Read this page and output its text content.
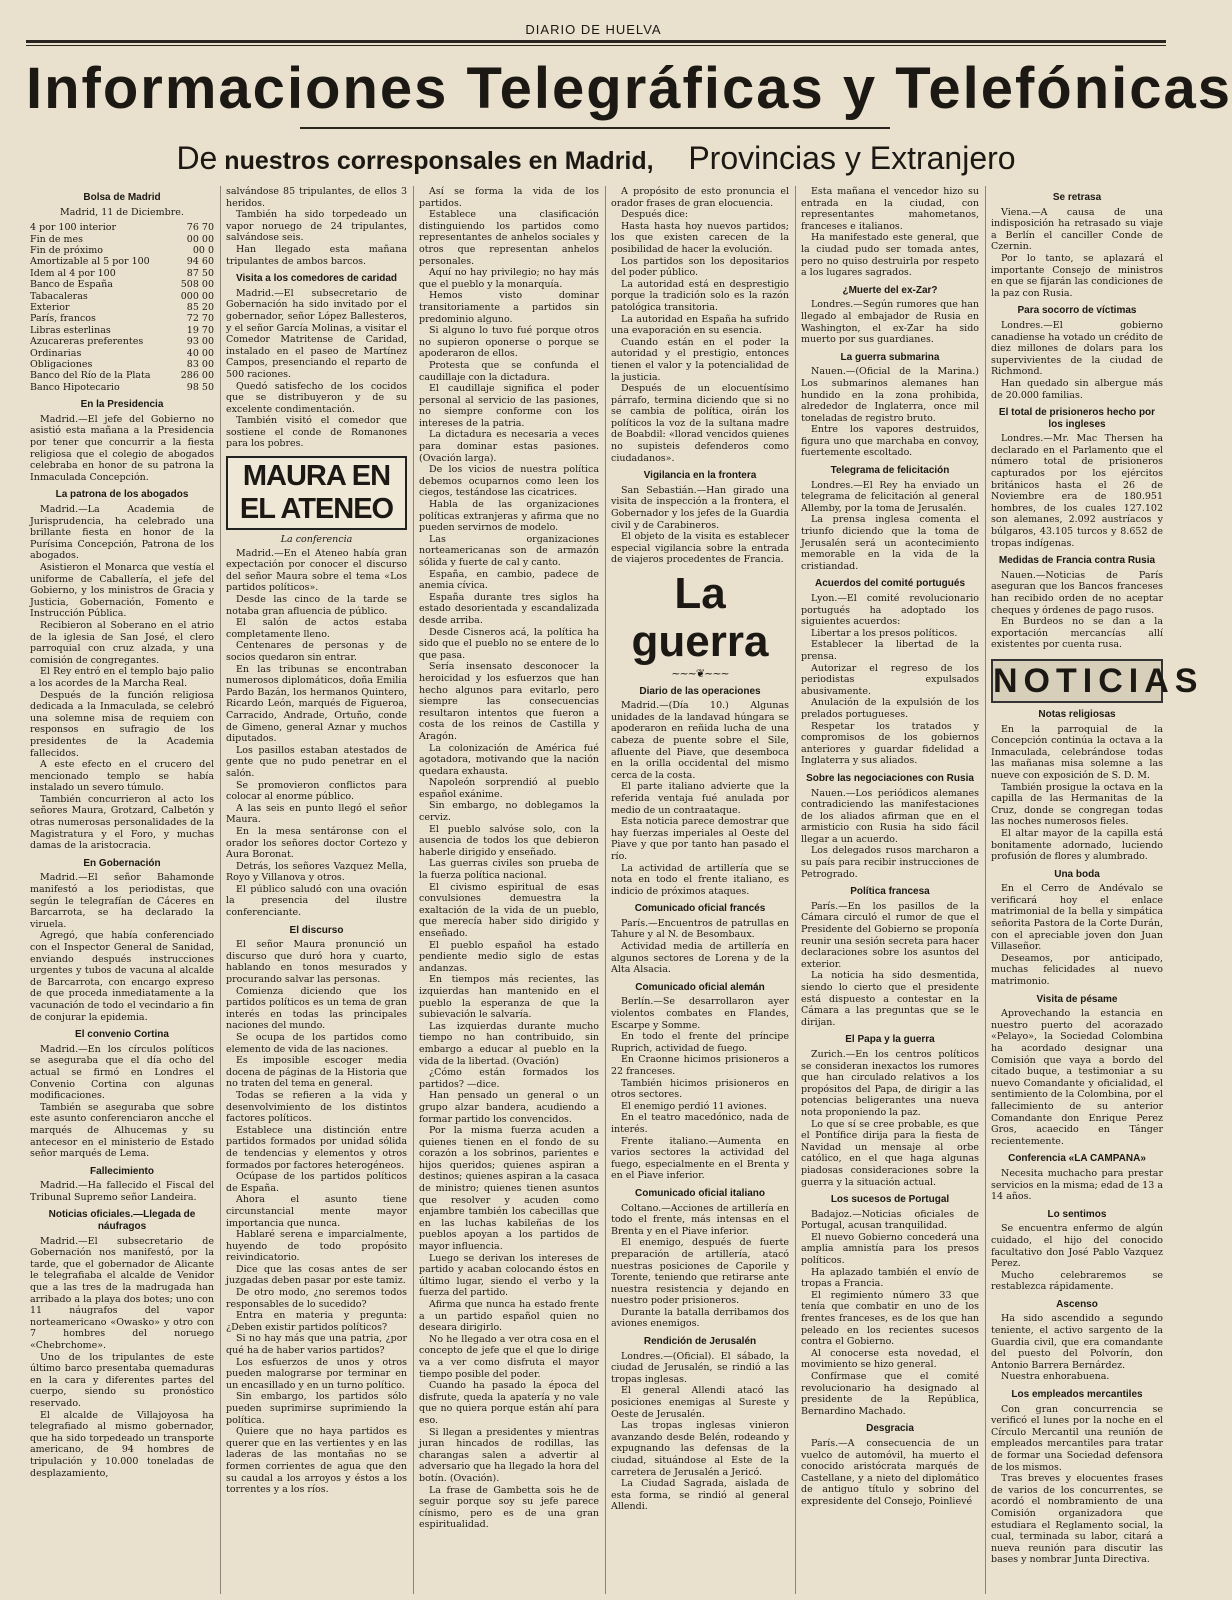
DIARIO DE HUELVA
Informaciones Telegráficas y Telefónicas
De nuestros corresponsales en Madrid, Provincias y Extranjero
Bolsa de Madrid

Madrid, 11 de Diciembre.

4 por 100 interior	76 70
Fin de mes	00 00
Fin de próximo	00 0
Amortizable al 5 por 100	94 60
Idem al 4 por 100	87 50
Banco de España	508 00
Tabacaleras	000 00
Exterior	85 20
París, francos	72 70
Libras esterlinas	19 70
Azucareras preferentes	93 00
Ordinarias	40 00
Obligaciones	83 00
Banco del Río de la Plata	286 00
Banco Hipotecario	98 50
En la Presidencia

Madrid.—El jefe del Gobierno no asistió esta mañana a la Presidencia por tener que concurrir a la fiesta religiosa que el colegio de abogados celebraba en honor de su patrona la Inmaculada Concepción.

La patrona de los abogados

Madrid.—La Academia de Jurisprudencia, ha celebrado una brillante fiesta en honor de la Purísima Concepción, Patrona de los abogados.

Asistieron el Monarca que vestía el uniforme de Caballería, el jefe del Gobierno, y los ministros de Gracia y Justicia, Gobernación, Fomento e Instrucción Pública.

Recibieron al Soberano en el atrio de la iglesia de San José, el clero parroquial con cruz alzada, y una comisión de congregantes.

El Rey entró en el templo bajo palio a los acordes de la Marcha Real.

Después de la función religiosa dedicada a la Inmaculada, se celebró una solemne misa de requiem con responsos en sufragio de los presidentes de la Academia fallecidos.

A este efecto en el crucero del mencionado templo se había instalado un severo túmulo.

También concurrieron al acto los señores Maura, Grotzard, Calbetón y otras numerosas personalidades de la Magistratura y el Foro, y muchas damas de la aristocracia.

En Gobernación

Madrid.—El señor Bahamonde manifestó a los periodistas, que según le telegrafían de Cáceres en Barcarrota, se ha declarado la viruela.

Agregó, que había conferenciado con el Inspector General de Sanidad, enviando después instrucciones urgentes y tubos de vacuna al alcalde de Barcarrota, con encargo expreso de que proceda inmediatamente a la vacunación de todo el vecindario a fin de conjurar la epidemia.

El convenio Cortina

Madrid.—En los círculos políticos se aseguraba que el día ocho del actual se firmó en Londres el Convenio Cortina con algunas modificaciones.

También se aseguraba que sobre este asunto conferenciaron ancche el marqués de Alhucemas y su antecesor en el ministerio de Estado señor marqués de Lema.

Fallecimiento

Madrid.—Ha fallecido el Fiscal del Tribunal Supremo señor Landeira.

Noticias oficiales.—Llegada de náufragos

Madrid.—El subsecretario de Gobernación nos manifestó, por la tarde, que el gobernador de Alicante le telegrafiaba el alcalde de Venidor que a las tres de la madrugada han arribado a la playa dos botes; uno con 11 náugrafos del vapor norteamericano «Owasko» y otro con 7 hombres del noruego «Chebrchome».

Uno de los tripulantes de este último barco presentaba quemaduras en la cara y diferentes partes del cuerpo, siendo su pronóstico reservado.

El alcalde de Villajoyosa ha telegrafiado al mismo gobernador, que ha sido torpedeado un transporte americano, de 94 hombres de tripulación y 10.000 toneladas de desplazamiento,

salvándose 85 tripulantes, de ellos 3 heridos.

También ha sido torpedeado un vapor noruego de 24 tripulantes, salvándose seis.

Han llegado esta mañana tripulantes de ambos barcos.

Visita a los comedores de caridad

Madrid.—El subsecretario de Gobernación ha sido invitado por el gobernador, señor López Ballesteros, y el señor García Molinas, a visitar el Comedor Matritense de Caridad, instalado en el paseo de Martínez Campos, presenciando el reparto de 500 raciones.

Quedó satisfecho de los cocidos que se distribuyeron y de su excelente condimentación.

También visitó el comedor que sostiene el conde de Romanones para los pobres.

MAURA EN EL ATENEO

La conferencia

Madrid.—En el Ateneo había gran expectación por conocer el discurso del señor Maura sobre el tema «Los partidos políticos».

Desde las cinco de la tarde se notaba gran afluencia de público.

El salón de actos estaba completamente lleno.

Centenares de personas y de socios quedaron sin entrar.

En las tribunas se encontraban numerosos diplomáticos, doña Emilia Pardo Bazán, los hermanos Quintero, Ricardo León, marqués de Figueroa, Carracido, Andrade, Ortuño, conde de Gimeno, general Aznar y muchos diputados.

Los pasillos estaban atestados de gente que no pudo penetrar en el salón.

Se promovieron conflictos para colocar al enorme público.

A las seis en punto llegó el señor Maura.

En la mesa sentáronse con el orador los señores doctor Cortezo y Aura Boronat.

Detrás, los señores Vazquez Mella, Royo y Villanova y otros.

El público saludó con una ovación la presencia del ilustre conferenciante.

El discurso

El señor Maura pronunció un discurso que duró hora y cuarto, hablando en tonos mesurados y procurando salvar las personas.

Comienza diciendo que los partidos políticos es un tema de gran interés en todas las principales naciones del mundo.

Se ocupa de los partidos como elemento de vida de las naciones.

Es imposible escoger media docena de páginas de la Historia que no traten del tema en general.

Todas se refieren a la vida y desenvolvimiento de los distintos factores políticos.

Establece una distinción entre partidos formados por unidad sólida de tendencias y elementos y otros formados por factores heterogéneos.

Ocúpase de los partidos políticos de España.

Ahora el asunto tiene circunstancial mente mayor importancia que nunca.

Hablaré serena e imparcialmente, huyendo de todo propósito reivindicatorio.

Dice que las cosas antes de ser juzgadas deben pasar por este tamiz.

De otro modo, ¿no seremos todos responsables de lo sucedido?

Entra en materia y pregunta: ¿Deben existir partidos políticos?

Si no hay más que una patria, ¿por qué ha de haber varios partidos?

Los esfuerzos de unos y otros pueden malograrse por terminar en un encasillado y en un turno político.

Sin embargo, los partidos sólo pueden suprimirse suprimiendo la política.

Quiere que no haya partidos es querer que en las vertientes y en las laderas de las montañas no se formen corrientes de agua que den su caudal a los arroyos y éstos a los torrentes y a los ríos.

Así se forma la vida de los partidos.

Establece una clasificación distinguiendo los partidos como representantes de anhelos sociales y otros que representan anhelos personales.

Aquí no hay privilegio; no hay más que el pueblo y la monarquía.

Hemos visto dominar transitoriamente a partidos sin predominio alguno.

Si alguno lo tuvo fué porque otros no supieron oponerse o porque se apoderaron de ellos.

Protesta que se confunda el caudillaje con la dictadura.

El caudillaje significa el poder personal al servicio de las pasiones, no siempre conforme con los intereses de la patria.

La dictadura es necesaria a veces para dominar estas pasiones. (Ovación larga).

De los vicios de nuestra política debemos ocuparnos como leen los ciegos, testándose las cicatrices.

Habla de las organizaciones políticas extranjeras y afirma que no pueden servirnos de modelo.

Las organizaciones norteamericanas son de armazón sólida y fuerte de cal y canto.

España, en cambio, padece de anemia cívica.

España durante tres siglos ha estado desorientada y escandalizada desde arriba.

Desde Cisneros acá, la política ha sido que el pueblo no se entere de lo que pasa.

Sería insensato desconocer la heroicidad y los esfuerzos que han hecho algunos para evitarlo, pero siempre las consecuencias resultaron intentos que fueron a costa de los reinos de Castilla y Aragón.

La colonización de América fué agotadora, motivando que la nación quedara exhausta.

Napoleón sorprendió al pueblo español exánime.

Sin embargo, no doblegamos la cerviz.

El pueblo salvóse solo, con la ausencia de todos los que debieron haberle dirigido y enseñado.

Las guerras civiles son prueba de la fuerza política nacional.

El civismo espiritual de esas convulsiones demuestra la exaltación de la vida de un pueblo, que merecía haber sido dirigido y enseñado.

El pueblo español ha estado pendiente medio siglo de estas andanzas.

En tiempos más recientes, las izquierdas han mantenido en el pueblo la esperanza de que la subievación le salvaría.

Las izquierdas durante mucho tiempo no han contribuido, sin embargo a educar al pueblo en la vida de la libertad. (Ovación)

¿Cómo están formados los partidos? —dice.

Han pensado un general o un grupo alzar bandera, acudiendo a formar partido los convencidos.

Por la misma fuerza acuden a quienes tienen en el fondo de su corazón a los sobrinos, parientes e hijos queridos; quienes aspiran a destinos; quienes aspiran a la casaca de ministro; quienes tienen asuntos que resolver y acuden como enjambre también los cabecillas que en las luchas kabileñas de los pueblos apoyan a los partidos de mayor influencia.

Luego se derivan los intereses de partido y acaban colocando éstos en último lugar, siendo el verbo y la fuerza del partido.

Afirma que nunca ha estado frente a un partido español quien no deseara dirigirlo.

No he llegado a ver otra cosa en el concepto de jefe que el que lo dirige va a ver como disfruta el mayor tiempo posible del poder.

Cuando ha pasado la época del disfrute, queda la apatería y no vale que no quiera porque están ahí para eso.

Si llegan a presidentes y mientras juran hincados de rodillas, las charangas salen a advertir al adversario que ha llegado la hora del botín. (Ovación).

La frase de Gambetta sois he de seguir porque soy su jefe parece cínismo, pero es de una gran espiritualidad.

A propósito de esto pronuncia el orador frases de gran elocuencia.

Después dice:

Hasta hasta hoy nuevos partidos; los que existen carecen de la posibilidad de hacer la evolución.

Los partidos son los depositarios del poder público.

La autoridad está en desprestigio porque la tradición solo es la razón patológica transitoria.

La autoridad en España ha sufrido una evaporación en su esencia.

Cuando están en el poder la autoridad y el prestigio, entonces tienen el valor y la potencialidad de la justicia.

Después de un elocuentísimo párrafo, termina diciendo que si no se cambia de política, oirán los políticos la voz de la sultana madre de Boabdil: «llorad vencidos quienes no supisteis defenderos como ciudadanos».

Vigilancia en la frontera

San Sebastián.—Han girado una visita de inspección a la frontera, el Gobernador y los jefes de la Guardia civil y de Carabineros.

El objeto de la visita es establecer especial vigilancia sobre la entrada de viajeros procedentes de Francia.

La guerra
~~~❦~~~
Diario de las operaciones

Madrid.—(Día 10.) Algunas unidades de la landavad húngara se apoderaron en reñida lucha de una cabeza de puente sobre el Sile, afluente del Piave, que desemboca en la orilla occidental del mismo cerca de la costa.

El parte italiano advierte que la referida ventaja fué anulada por medio de un contraataque.

Esta noticia parece demostrar que hay fuerzas imperiales al Oeste del Piave y que por tanto han pasado el río.

La actividad de artillería que se nota en todo el frente italiano, es indicio de próximos ataques.

Comunicado oficial francés

París.—Encuentros de patrullas en Tahure y al N. de Besombaux.

Actividad media de artillería en algunos sectores de Lorena y de la Alta Alsacia.

Comunicado oficial alemán

Berlín.—Se desarrollaron ayer violentos combates en Flandes, Escarpe y Somme.

En todo el frente del príncipe Ruprich, actividad de fuego.

En Craonne hicimos prisioneros a 22 franceses.

También hicimos prisioneros en otros sectores.

El enemigo perdió 11 aviones.

En el teatro macedónico, nada de interés.

Frente italiano.—Aumenta en varios sectores la actividad del fuego, especialmente en el Brenta y en el Piave inferior.

Comunicado oficial italiano

Coltano.—Acciones de artillería en todo el frente, más intensas en el Brenta y en el Piave inferior.

El enemigo, después de fuerte preparación de artillería, atacó nuestras posiciones de Caporile y Torente, teniendo que retirarse ante nuestra resistencia y dejando en nuestro poder prisioneros.

Durante la batalla derribamos dos aviones enemigos.

Rendición de Jerusalén

Londres.—(Oficial). El sábado, la ciudad de Jerusalén, se rindió a las tropas inglesas.

El general Allendi atacó las posiciones enemigas al Sureste y Oeste de Jerusalén.

Las tropas inglesas vinieron avanzando desde Belén, rodeando y expugnando las defensas de la ciudad, situándose al Este de la carretera de Jerusalén a Jericó.

La Ciudad Sagrada, aislada de esta forma, se rindió al general Allendi.

Esta mañana el vencedor hizo su entrada en la ciudad, con representantes mahometanos, franceses e italianos.

Ha manifestado este general, que la ciudad pudo ser tomada antes, pero no quiso destruirla por respeto a los lugares sagrados.

¿Muerte del ex-Zar?

Londres.—Según rumores que han llegado al embajador de Rusia en Washington, el ex-Zar ha sido muerto por sus guardianes.

La guerra submarina

Nauen.—(Oficial de la Marina.) Los submarinos alemanes han hundido en la zona prohibida, alrededor de Inglaterra, once mil toneladas de registro bruto.

Entre los vapores destruidos, figura uno que marchaba en convoy, fuertemente escoltado.

Telegrama de felicitación

Londres.—El Rey ha enviado un telegrama de felicitación al general Allemby, por la toma de Jerusalén.

La prensa inglesa comenta el triunfo diciendo que la toma de Jerusalén será un acontecimiento memorable en la vida de la cristiandad.

Acuerdos del comité portugués

Lyon.—El comité revolucionario portugués ha adoptado los siguientes acuerdos:

Libertar a los presos políticos.

Establecer la libertad de la prensa.

Autorizar el regreso de los periodistas expulsados abusivamente.

Anulación de la expulsión de los prelados portugueses.

Respetar los tratados y compromisos de los gobiernos anteriores y guardar fidelidad a Inglaterra y sus aliados.

Sobre las negociaciones con Rusia

Nauen.—Los periódicos alemanes contradiciendo las manifestaciones de los aliados afirman que en el armisticio con Rusia ha sido fácil llegar a un acuerdo.

Los delegados rusos marcharon a su país para recibir instrucciones de Petrogrado.

Política francesa

París.—En los pasillos de la Cámara circuló el rumor de que el Presidente del Gobierno se proponía reunir una sesión secreta para hacer declaraciones sobre los asuntos del exterior.

La noticia ha sido desmentida, siendo lo cierto que el presidente está dispuesto a contestar en la Cámara a las preguntas que se le dirijan.

El Papa y la guerra

Zurich.—En los centros políticos se consideran inexactos los rumores que han circulado relativos a los propósitos del Papa, de dirigir a las potencias beligerantes una nueva nota proponiendo la paz.

Lo que sí se cree probable, es que el Pontífice dirija para la fiesta de Navidad un mensaje al orbe católico, en el que haga algunas piadosas consideraciones sobre la guerra y la situación actual.

Los sucesos de Portugal

Badajoz.—Noticias oficiales de Portugal, acusan tranquilidad.

El nuevo Gobierno concederá una amplia amnistía para los presos políticos.

Ha aplazado también el envío de tropas a Francia.

El regimiento número 33 que tenía que combatir en uno de los frentes franceses, es de los que han peleado en los recientes sucesos contra el Gobierno.

Al conocerse esta novedad, el movimiento se hizo general.

Confírmase que el comité revolucionario ha designado al presidente de la República, Bernardino Machado.

Desgracia

París.—A consecuencia de un vuelco de automóvil, ha muerto el conocido aristócrata marqués de Castellane, y a nieto del diplomático de antiguo título y sobrino del expresidente del Consejo, Poinlievé

Se retrasa

Viena.—A causa de una indisposición ha retrasado su viaje a Berlín el canciller Conde de Czernin.

Por lo tanto, se aplazará el importante Consejo de ministros en que se fijarán las condiciones de la paz con Rusia.

Para socorro de víctimas

Londres.—El gobierno canadiense ha votado un crédito de diez millones de dolars para los supervivientes de la ciudad de Richmond.

Han quedado sin albergue más de 20.000 familias.

El total de prisioneros hecho por los ingleses

Londres.—Mr. Mac Thersen ha declarado en el Parlamento que el número total de prisioneros capturados por los ejércitos británicos hasta el 26 de Noviembre era de 180.951 hombres, de los cuales 127.102 son alemanes, 2.092 austríacos y búlgaros, 43.105 turcos y 8.652 de tropas indígenas.

Medidas de Francia contra Rusia

Nauen.—Noticias de París aseguran que los Bancos franceses han recibido orden de no aceptar cheques y órdenes de pago rusos.

En Burdeos no se dan a la exportación mercancías allí existentes por cuenta rusa.

NOTICIAS
Notas religiosas

En la parroquial de la Concepción continúa la octava a la Inmaculada, celebrándose todas las mañanas misa solemne a las nueve con exposición de S. D. M.

También prosigue la octava en la capilla de las Hermanitas de la Cruz, donde se congregan todas las noches numerosos fieles.

El altar mayor de la capilla está bonitamente adornado, luciendo profusión de flores y alumbrado.

Una boda

En el Cerro de Andévalo se verificará hoy el enlace matrimonial de la bella y simpática señorita Pastora de la Corte Durán, con el apreciable joven don Juan Villaseñor.

Deseamos, por anticipado, muchas felicidades al nuevo matrimonio.

Visita de pésame

Aprovechando la estancia en nuestro puerto del acorazado «Pelayo», la Sociedad Colombina ha acordado designar una Comisión que vaya a bordo del citado buque, a testimoniar a su nuevo Comandante y oficialidad, el sentimiento de la Colombina, por el fallecimiento de su anterior Comandante don Enrique Perez Gros, acaecido en Tánger recientemente.

Conferencia «LA CAMPANA»

Necesita muchacho para prestar servicios en la misma; edad de 13 a 14 años.

Lo sentimos

Se encuentra enfermo de algún cuidado, el hijo del conocido facultativo don José Pablo Vazquez Perez.

Mucho celebraremos se restablezca rápidamente.

Ascenso

Ha sido ascendido a segundo teniente, el activo sargento de la Guardia civil, que era comandante del puesto del Polvorín, don Antonio Barrera Bernárdez.

Nuestra enhorabuena.

Los empleados mercantiles

Con gran concurrencia se verificó el lunes por la noche en el Círculo Mercantil una reunión de empleados mercantiles para tratar de formar una Sociedad defensora de los mismos.

Tras breves y elocuentes frases de varios de los concurrentes, se acordó el nombramiento de una Comisión organizadora que estudiara el Reglamento social, la cual, terminada su labor, citará a nueva reunión para discutir las bases y nombrar Junta Directiva.
